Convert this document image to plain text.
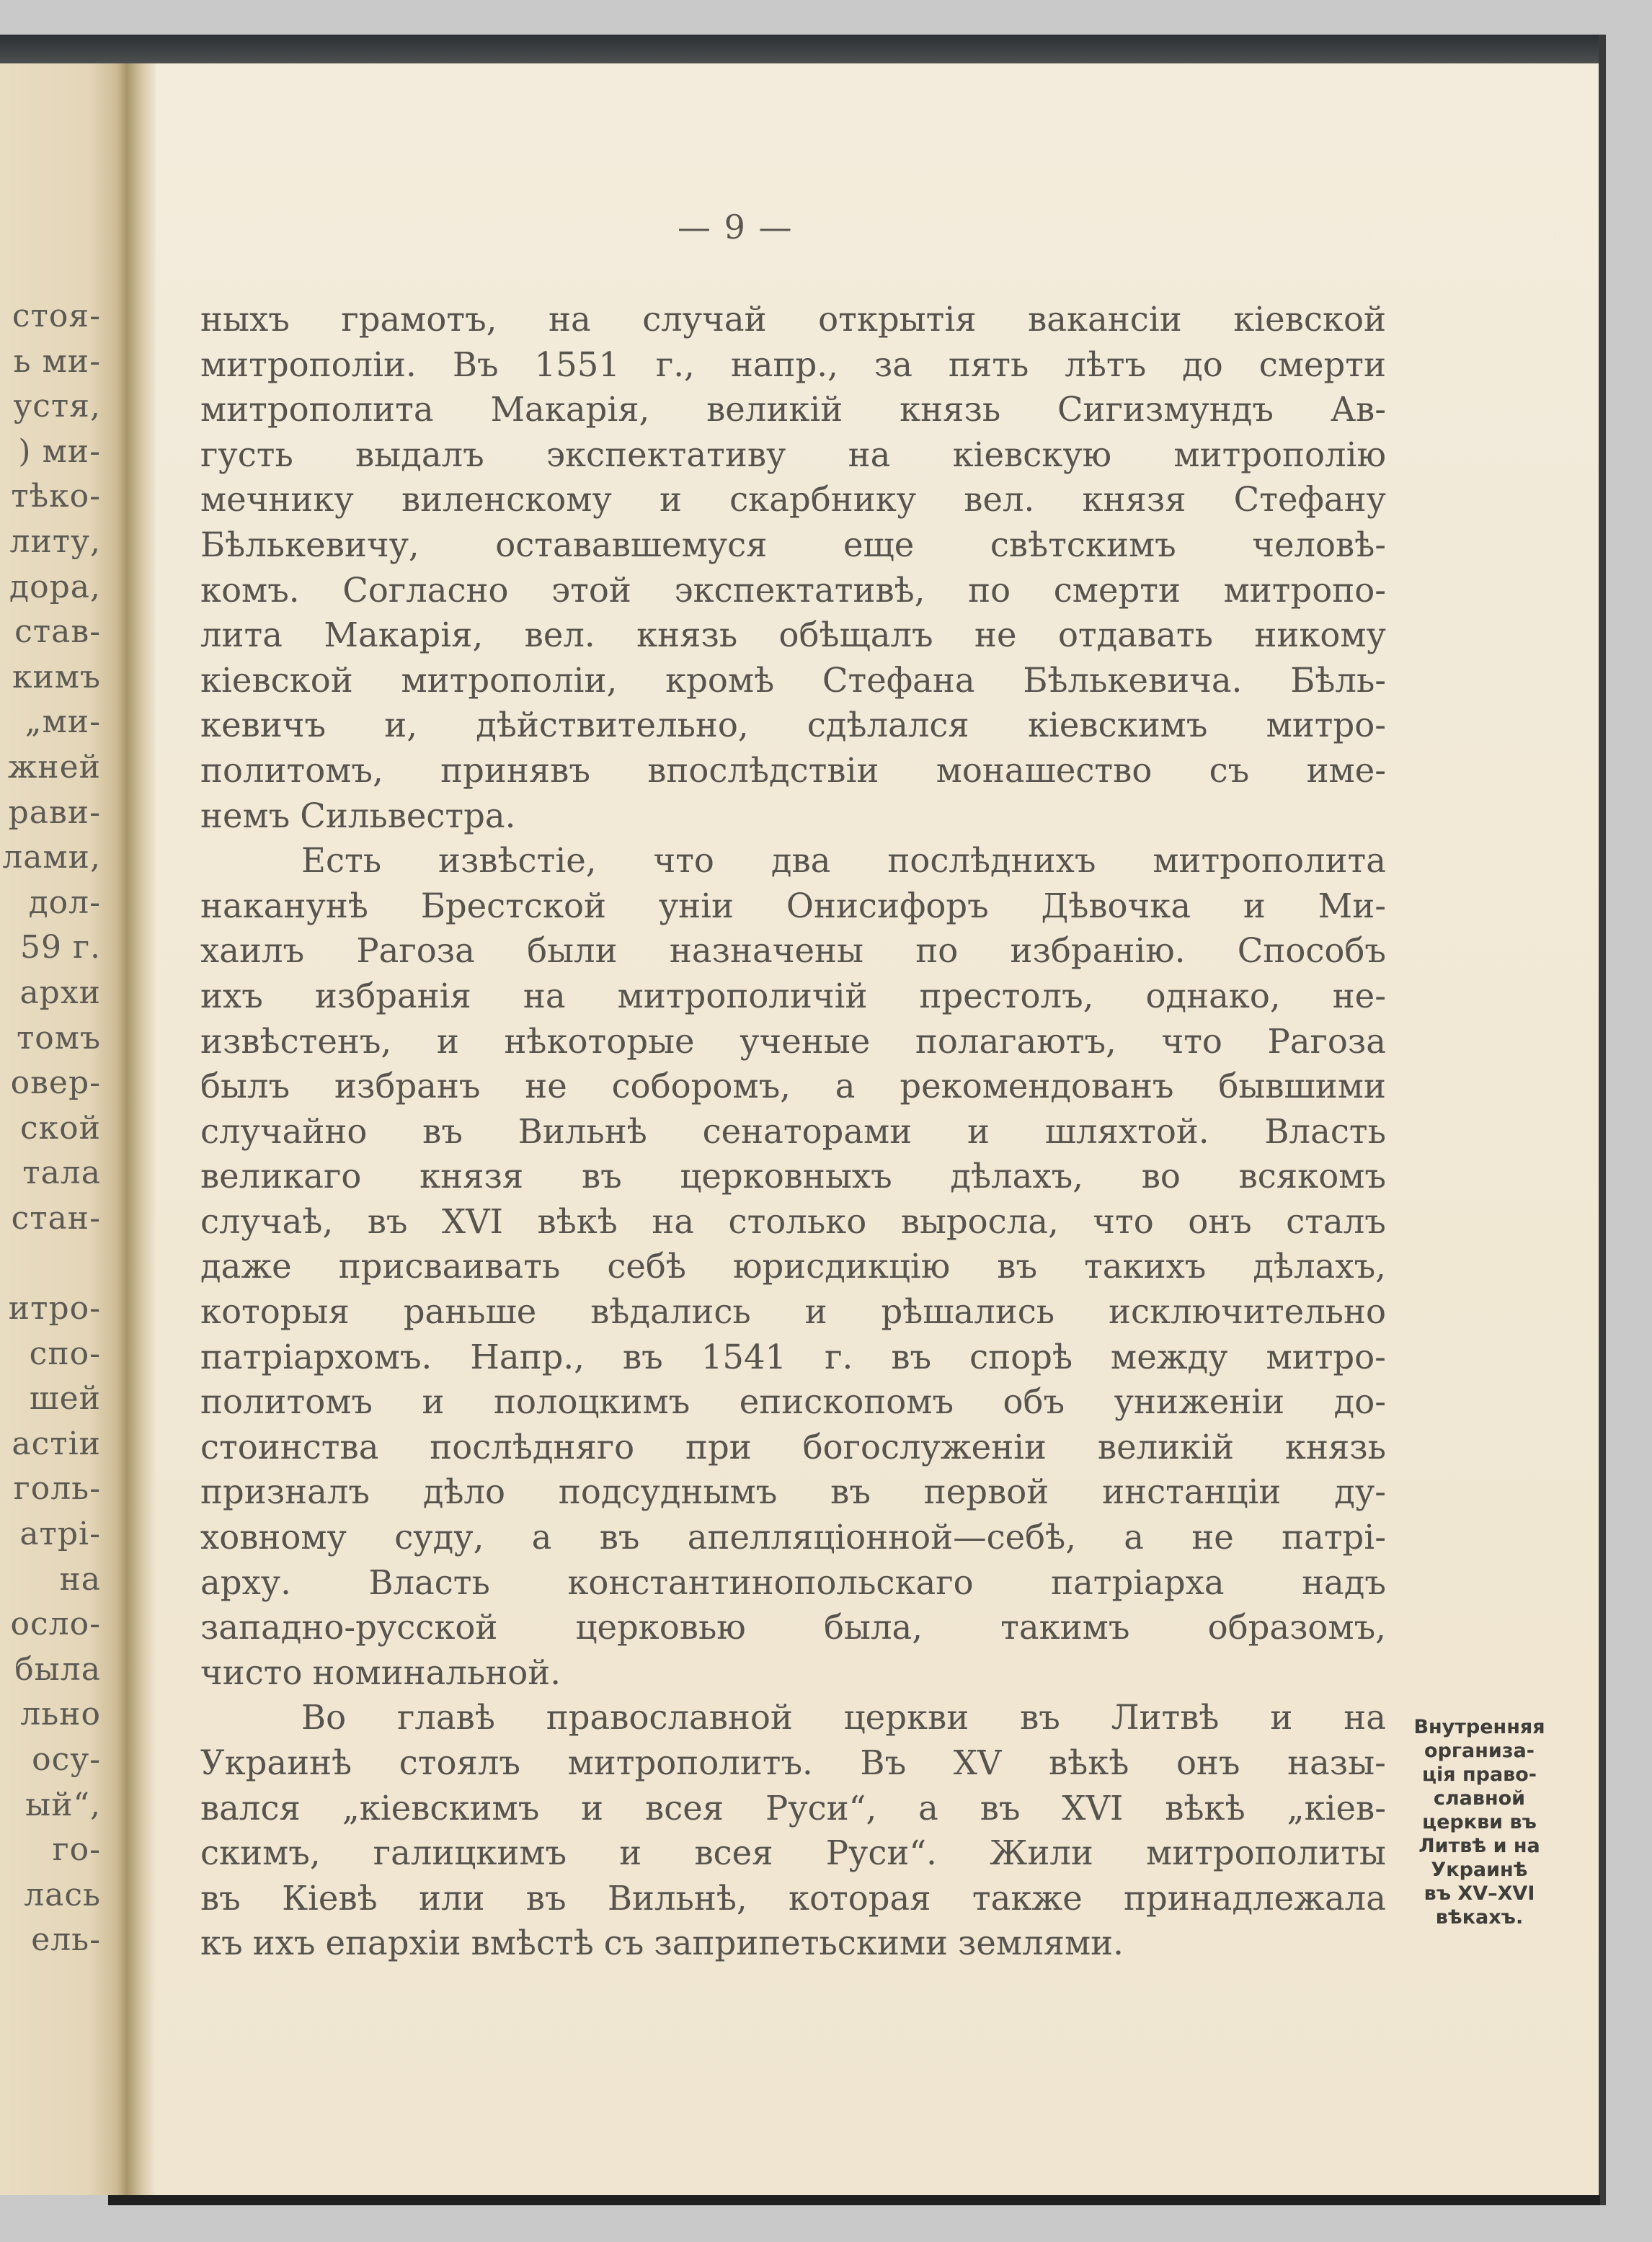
стоя-
ь ми-
устя,
) ми-
тѣко-
литу,
дора,
став-
кимъ
„ми-
жней
рави-
лами,
дол-
59 г.
архи
томъ
овер-
ской
тала
стан-
итро-
спо-
шей
астіи
голь-
атрі-
на
осло-
была
льно
осу-
ый“,
го-
лась
ель-
— 9 —
ныхъ грамотъ, на случай открытія вакансіи кіевской
митрополіи. Въ 1551 г., напр., за пять лѣтъ до смерти
митрополита Макарія, великій князь Сигизмундъ Ав-
густь выдалъ экспектативу на кіевскую митрополію
мечнику виленскому и скарбнику вел. князя Стефану
Бѣлькевичу, остававшемуся еще свѣтскимъ человѣ-
комъ. Согласно этой экспектативѣ, по смерти митропо-
лита Макарія, вел. князь обѣщалъ не отдавать никому
кіевской митрополіи, кромѣ Стефана Бѣлькевича. Бѣль-
кевичъ и, дѣйствительно, сдѣлался кіевскимъ митро-
политомъ, принявъ впослѣдствіи монашество съ име-
немъ Сильвестра.
Есть извѣстіе, что два послѣднихъ митрополита
наканунѣ Брестской уніи Онисифоръ Дѣвочка и Ми-
хаилъ Рагоза были назначены по избранію. Способъ
ихъ избранія на митрополичій престолъ, однако, не-
извѣстенъ, и нѣкоторые ученые полагаютъ, что Рагоза
былъ избранъ не соборомъ, а рекомендованъ бывшими
случайно въ Вильнѣ сенаторами и шляхтой. Власть
великаго князя въ церковныхъ дѣлахъ, во всякомъ
случаѣ, въ XVI вѣкѣ на столько выросла, что онъ сталъ
даже присваивать себѣ юрисдикцію въ такихъ дѣлахъ,
которыя раньше вѣдались и рѣшались исключительно
патріархомъ. Напр., въ 1541 г. въ спорѣ между митро-
политомъ и полоцкимъ епископомъ объ униженіи до-
стоинства послѣдняго при богослуженіи великій князь
призналъ дѣло подсуднымъ въ первой инстанціи ду-
ховному суду, а въ апелляціонной—себѣ, а не патрі-
арху. Власть константинопольскаго патріарха надъ
западно-русской церковью была, такимъ образомъ,
чисто номинальной.
Во главѣ православной церкви въ Литвѣ и на
Украинѣ стоялъ митрополитъ. Въ XV вѣкѣ онъ назы-
вался „кіевскимъ и всея Руси“, а въ XVI вѣкѣ „кіев-
скимъ, галицкимъ и всея Руси“. Жили митрополиты
въ Кіевѣ или въ Вильнѣ, которая также принадлежала
къ ихъ епархіи вмѣстѣ съ заприпетьскими землями.
Внутренняя
организа-
ція право-
славной
церкви въ
Литвѣ и на
Украинѣ
въ XV–XVI
вѣкахъ.
